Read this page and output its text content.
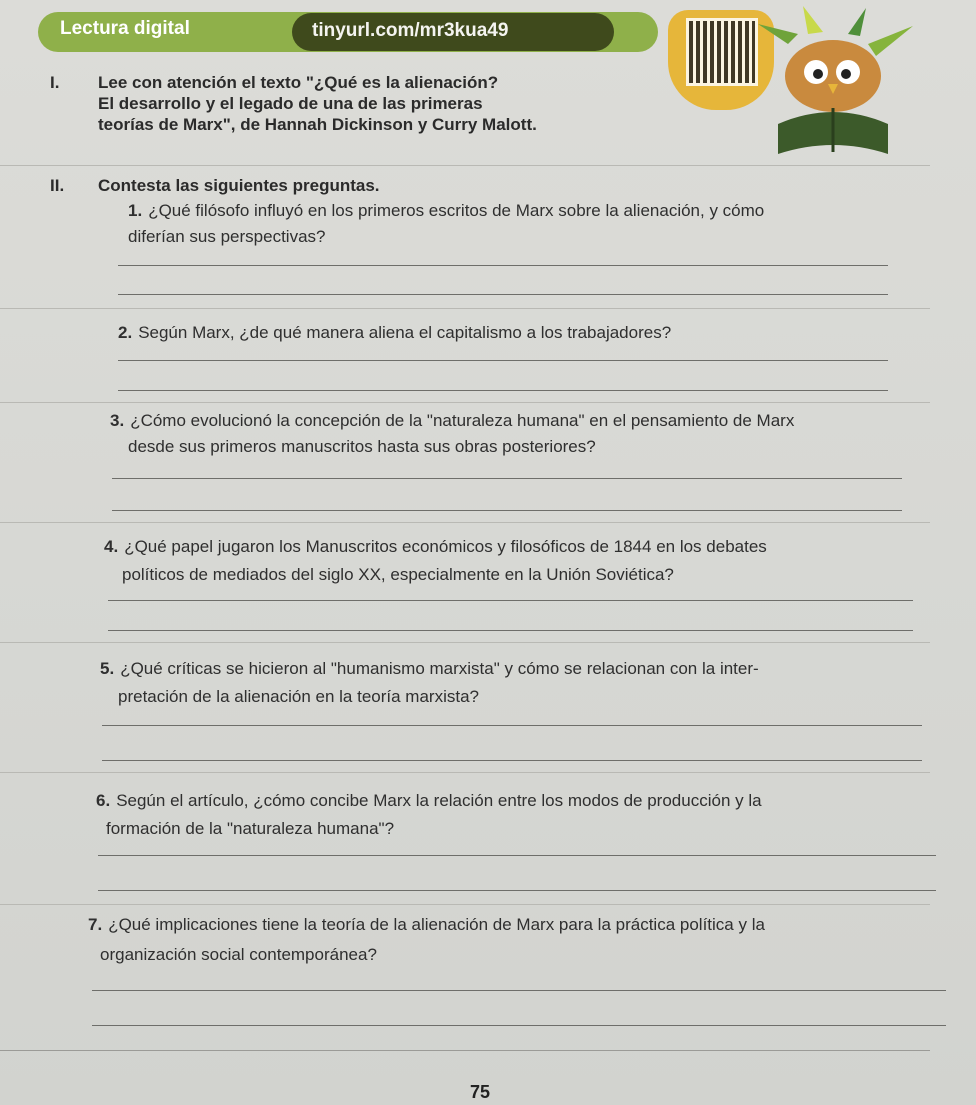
Lectura digital	tinyurl.com/mr3kua49
I. Lee con atención el texto "¿Qué es la alienación?
El desarrollo y el legado de una de las primeras
teorías de Marx", de Hannah Dickinson y Curry Malott.
II. Contesta las siguientes preguntas.
1. ¿Qué filósofo influyó en los primeros escritos de Marx sobre la alienación, y cómo
diferían sus perspectivas?
2. Según Marx, ¿de qué manera aliena el capitalismo a los trabajadores?
3. ¿Cómo evolucionó la concepción de la "naturaleza humana" en el pensamiento de Marx
desde sus primeros manuscritos hasta sus obras posteriores?
4. ¿Qué papel jugaron los Manuscritos económicos y filosóficos de 1844 en los debates
políticos de mediados del siglo XX, especialmente en la Unión Soviética?
5. ¿Qué críticas se hicieron al "humanismo marxista" y cómo se relacionan con la inter-
pretación de la alienación en la teoría marxista?
6. Según el artículo, ¿cómo concibe Marx la relación entre los modos de producción y la
formación de la "naturaleza humana"?
7. ¿Qué implicaciones tiene la teoría de la alienación de Marx para la práctica política y la
organización social contemporánea?
75
